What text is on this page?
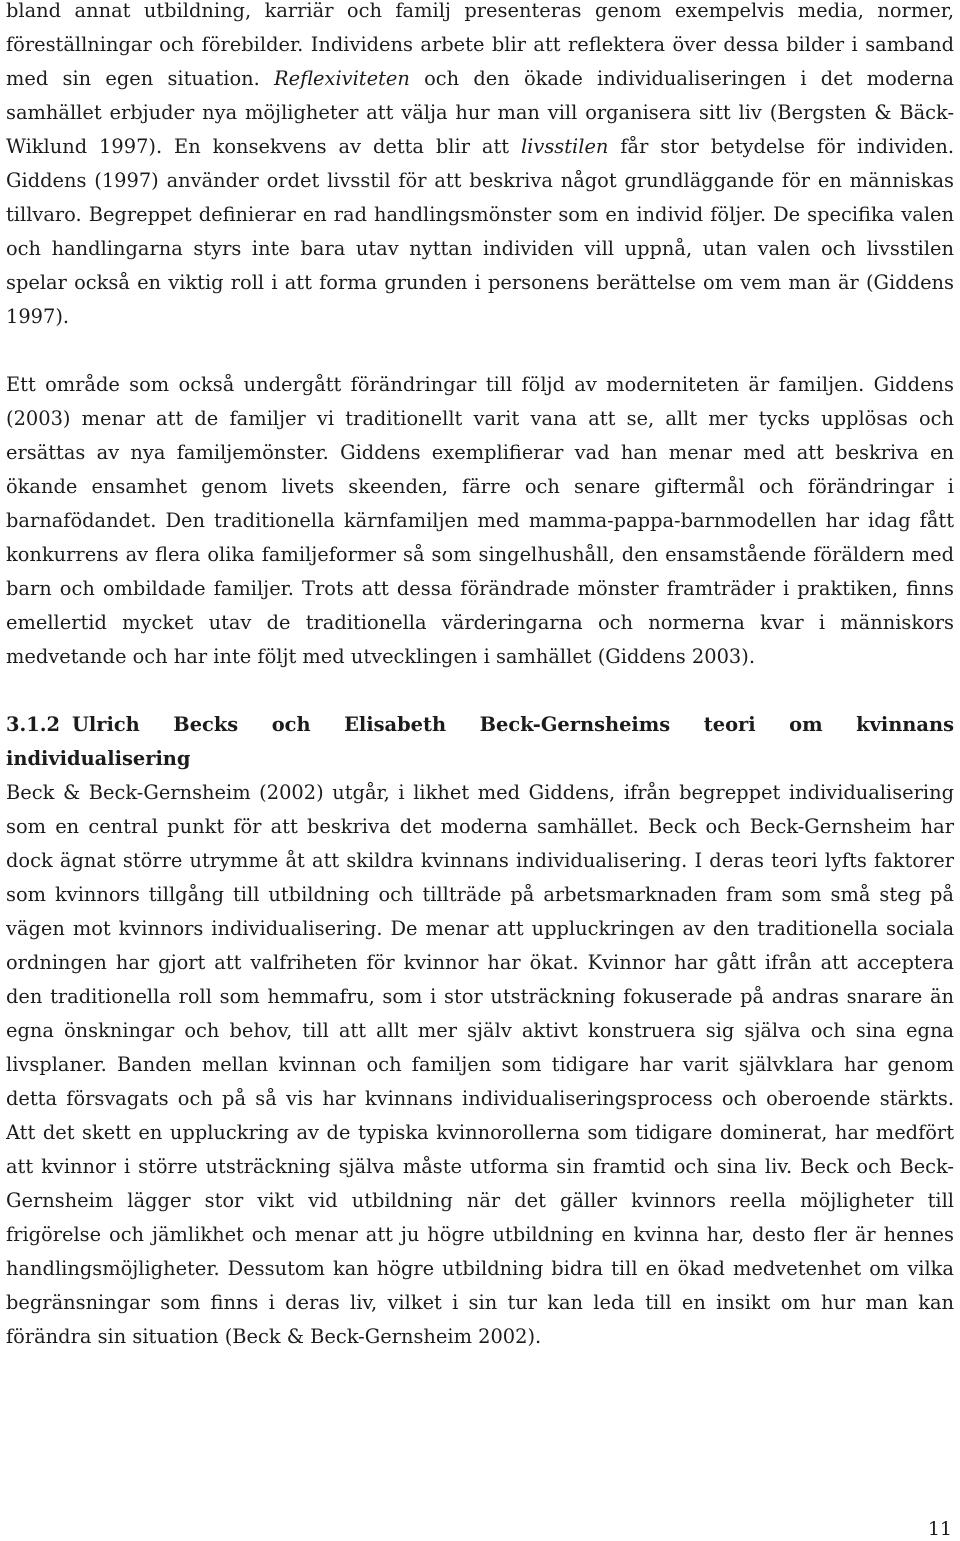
bland annat utbildning, karriär och familj presenteras genom exempelvis media, normer, föreställningar och förebilder. Individens arbete blir att reflektera över dessa bilder i samband med sin egen situation. Reflexiviteten och den ökade individualiseringen i det moderna samhället erbjuder nya möjligheter att välja hur man vill organisera sitt liv (Bergsten & Bäck-Wiklund 1997). En konsekvens av detta blir att livsstilen får stor betydelse för individen. Giddens (1997) använder ordet livsstil för att beskriva något grundläggande för en människas tillvaro. Begreppet definierar en rad handlingsmönster som en individ följer. De specifika valen och handlingarna styrs inte bara utav nyttan individen vill uppnå, utan valen och livsstilen spelar också en viktig roll i att forma grunden i personens berättelse om vem man är (Giddens 1997).

Ett område som också undergått förändringar till följd av moderniteten är familjen. Giddens (2003) menar att de familjer vi traditionellt varit vana att se, allt mer tycks upplösas och ersättas av nya familjemönster. Giddens exemplifierar vad han menar med att beskriva en ökande ensamhet genom livets skeenden, färre och senare giftermål och förändringar i barnafödandet. Den traditionella kärnfamiljen med mamma-pappa-barnmodellen har idag fått konkurrens av flera olika familjeformer så som singelhushåll, den ensamstående föräldern med barn och ombildade familjer. Trots att dessa förändrade mönster framträder i praktiken, finns emellertid mycket utav de traditionella värderingarna och normerna kvar i människors medvetande och har inte följt med utvecklingen i samhället (Giddens 2003).

3.1.2 Ulrich Becks och Elisabeth Beck-Gernsheims teori om kvinnans individualisering

Beck & Beck-Gernsheim (2002) utgår, i likhet med Giddens, ifrån begreppet individualisering som en central punkt för att beskriva det moderna samhället. Beck och Beck-Gernsheim har dock ägnat större utrymme åt att skildra kvinnans individualisering. I deras teori lyfts faktorer som kvinnors tillgång till utbildning och tillträde på arbetsmarknaden fram som små steg på vägen mot kvinnors individualisering. De menar att uppluckringen av den traditionella sociala ordningen har gjort att valfriheten för kvinnor har ökat. Kvinnor har gått ifrån att acceptera den traditionella roll som hemmafru, som i stor utsträckning fokuserade på andras snarare än egna önskningar och behov, till att allt mer själv aktivt konstruera sig själva och sina egna livsplaner. Banden mellan kvinnan och familjen som tidigare har varit självklara har genom detta försvagats och på så vis har kvinnans individualiseringsprocess och oberoende stärkts. Att det skett en uppluckring av de typiska kvinnorollerna som tidigare dominerat, har medfört att kvinnor i större utsträckning själva måste utforma sin framtid och sina liv. Beck och Beck-Gernsheim lägger stor vikt vid utbildning när det gäller kvinnors reella möjligheter till frigörelse och jämlikhet och menar att ju högre utbildning en kvinna har, desto fler är hennes handlingsmöjligheter. Dessutom kan högre utbildning bidra till en ökad medvetenhet om vilka begränsningar som finns i deras liv, vilket i sin tur kan leda till en insikt om hur man kan förändra sin situation (Beck & Beck-Gernsheim 2002).

11
